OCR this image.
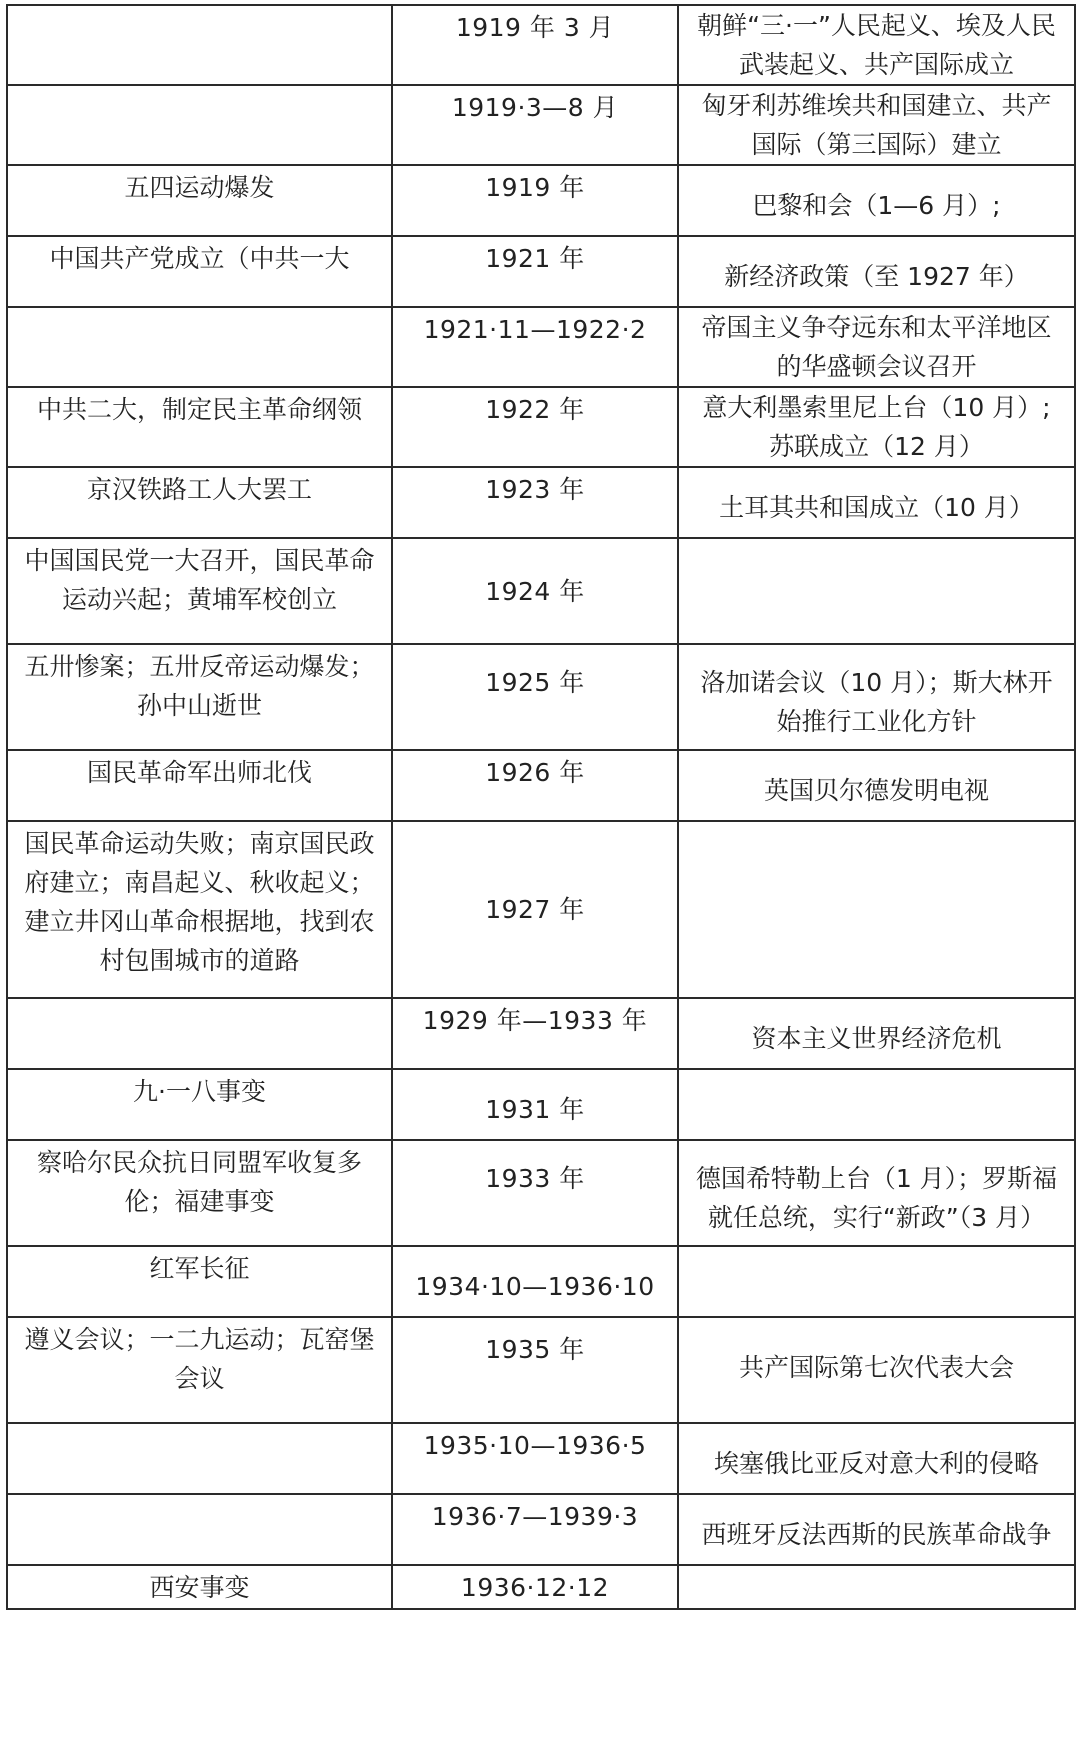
	1919 年 3 月	朝鲜“三·一”人民起义、埃及人民武装起义、共产国际成立
	1919·3—8 月	匈牙利苏维埃共和国建立、共产国际（第三国际）建立
五四运动爆发	1919 年	巴黎和会（1—6 月）;
中国共产党成立（中共一大	1921 年	新经济政策（至 1927 年）
	1921·11—1922·2	帝国主义争夺远东和太平洋地区的华盛顿会议召开
中共二大，制定民主革命纲领	1922 年	意大利墨索里尼上台（10 月）;苏联成立（12 月）
京汉铁路工人大罢工	1923 年	土耳其共和国成立（10 月）
中国国民党一大召开，国民革命运动兴起；黄埔军校创立	1924 年	
五卅惨案；五卅反帝运动爆发；孙中山逝世	1925 年	洛加诺会议（10 月）；斯大林开始推行工业化方针
国民革命军出师北伐	1926 年	英国贝尔德发明电视
国民革命运动失败；南京国民政府建立；南昌起义、秋收起义；建立井冈山革命根据地，找到农村包围城市的道路	1927 年	
	1929 年—1933 年	资本主义世界经济危机
九·一八事变	1931 年	
察哈尔民众抗日同盟军收复多伦；福建事变	1933 年	德国希特勒上台（1 月）；罗斯福就任总统，实行“新政”（3 月）
红军长征	1934·10—1936·10	
遵义会议；一二九运动；瓦窑堡会议	1935 年	共产国际第七次代表大会
	1935·10—1936·5	埃塞俄比亚反对意大利的侵略
	1936·7—1939·3	西班牙反法西斯的民族革命战争
西安事变	1936·12·12	
